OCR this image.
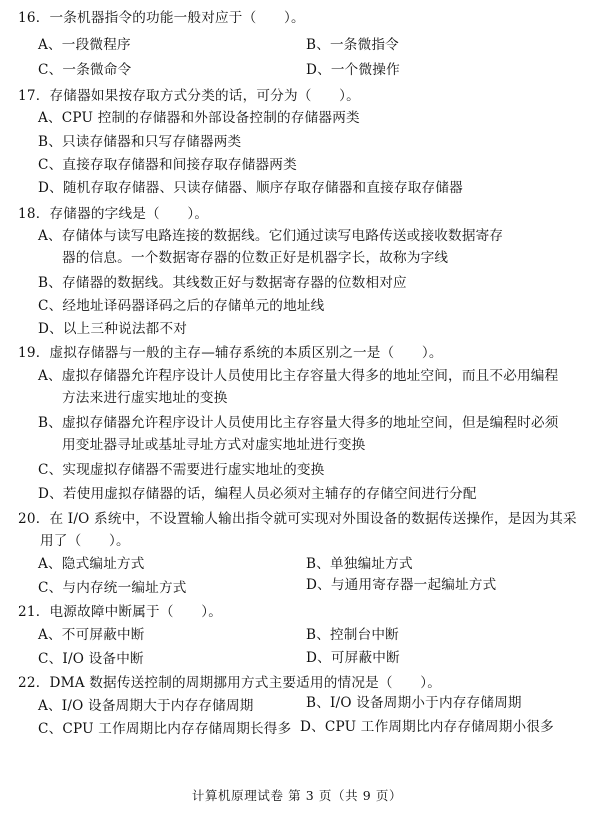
16．一条机器指令的功能一般对应于（　　）。
A、一段微程序	B、一条微指令
C、一条微命令	D、一个微操作
17．存储器如果按存取方式分类的话，可分为（　　）。
A、CPU 控制的存储器和外部设备控制的存储器两类
B、只读存储器和只写存储器两类
C、直接存取存储器和间接存取存储器两类
D、随机存取存储器、只读存储器、顺序存取存储器和直接存取存储器
18．存储器的字线是（　　）。
A、存储体与读写电路连接的数据线。它们通过读写电路传送或接收数据寄存
器的信息。一个数据寄存器的位数正好是机器字长，故称为字线
B、存储器的数据线。其线数正好与数据寄存器的位数相对应
C、经地址译码器译码之后的存储单元的地址线
D、以上三种说法都不对
19．虚拟存储器与一般的主存—辅存系统的本质区别之一是（　　）。
A、虚拟存储器允许程序设计人员使用比主存容量大得多的地址空间，而且不必用编程
方法来进行虚实地址的变换
B、虚拟存储器允许程序设计人员使用比主存容量大得多的地址空间，但是编程时必须
用变址器寻址或基址寻址方式对虚实地址进行变换
C、实现虚拟存储器不需要进行虚实地址的变换
D、若使用虚拟存储器的话，编程人员必须对主辅存的存储空间进行分配
20．在 I/O 系统中，不设置输人输出指令就可实现对外围设备的数据传送操作，是因为其采
用了（　　）。
A、隐式编址方式	B、单独编址方式
C、与内存统一编址方式	D、与通用寄存器一起编址方式
21．电源故障中断属于（　　）。
A、不可屏蔽中断	B、控制台中断
C、I/O 设备中断	D、可屏蔽中断
22．DMA 数据传送控制的周期挪用方式主要适用的情况是（　　）。
A、I/O 设备周期大于内存存储周期	B、I/O 设备周期小于内存存储周期
C、CPU 工作周期比内存存储周期长得多 D、CPU 工作周期比内存存储周期小很多
计算机原理试卷 第 3 页（共 9 页）
